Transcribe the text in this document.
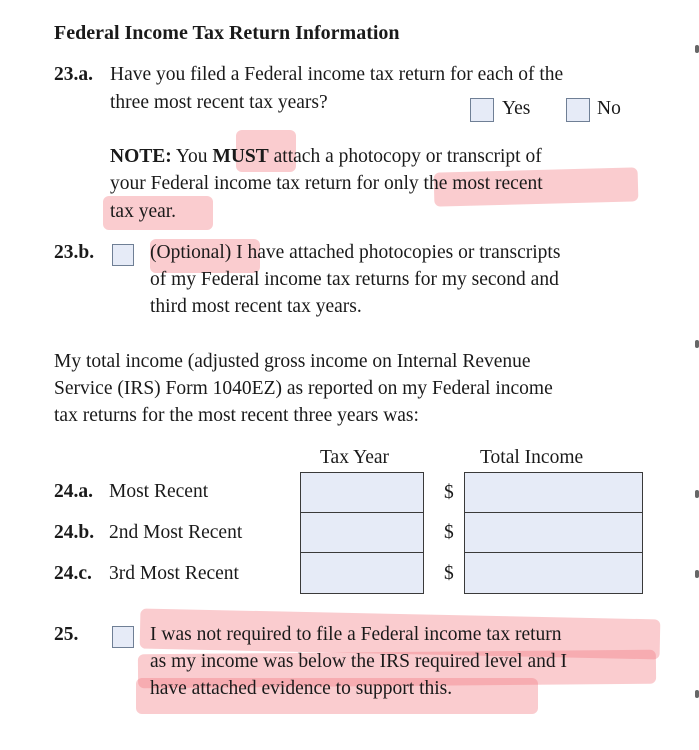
Federal Income Tax Return Information
23.a. Have you filed a Federal income tax return for each of the
three most recent tax years?	Yes	No
NOTE: You MUST attach a photocopy or transcript of
your Federal income tax return for only the most recent
tax year.
23.b.	(Optional) I have attached photocopies or transcripts
of my Federal income tax returns for my second and
third most recent tax years.
My total income (adjusted gross income on Internal Revenue
Service (IRS) Form 1040EZ) as reported on my Federal income
tax returns for the most recent three years was:
Tax Year	Total Income
24.a. Most Recent	$
24.b. 2nd Most Recent	$
24.c. 3rd Most Recent	$
25.	I was not required to file a Federal income tax return
as my income was below the IRS required level and I
have attached evidence to support this.
